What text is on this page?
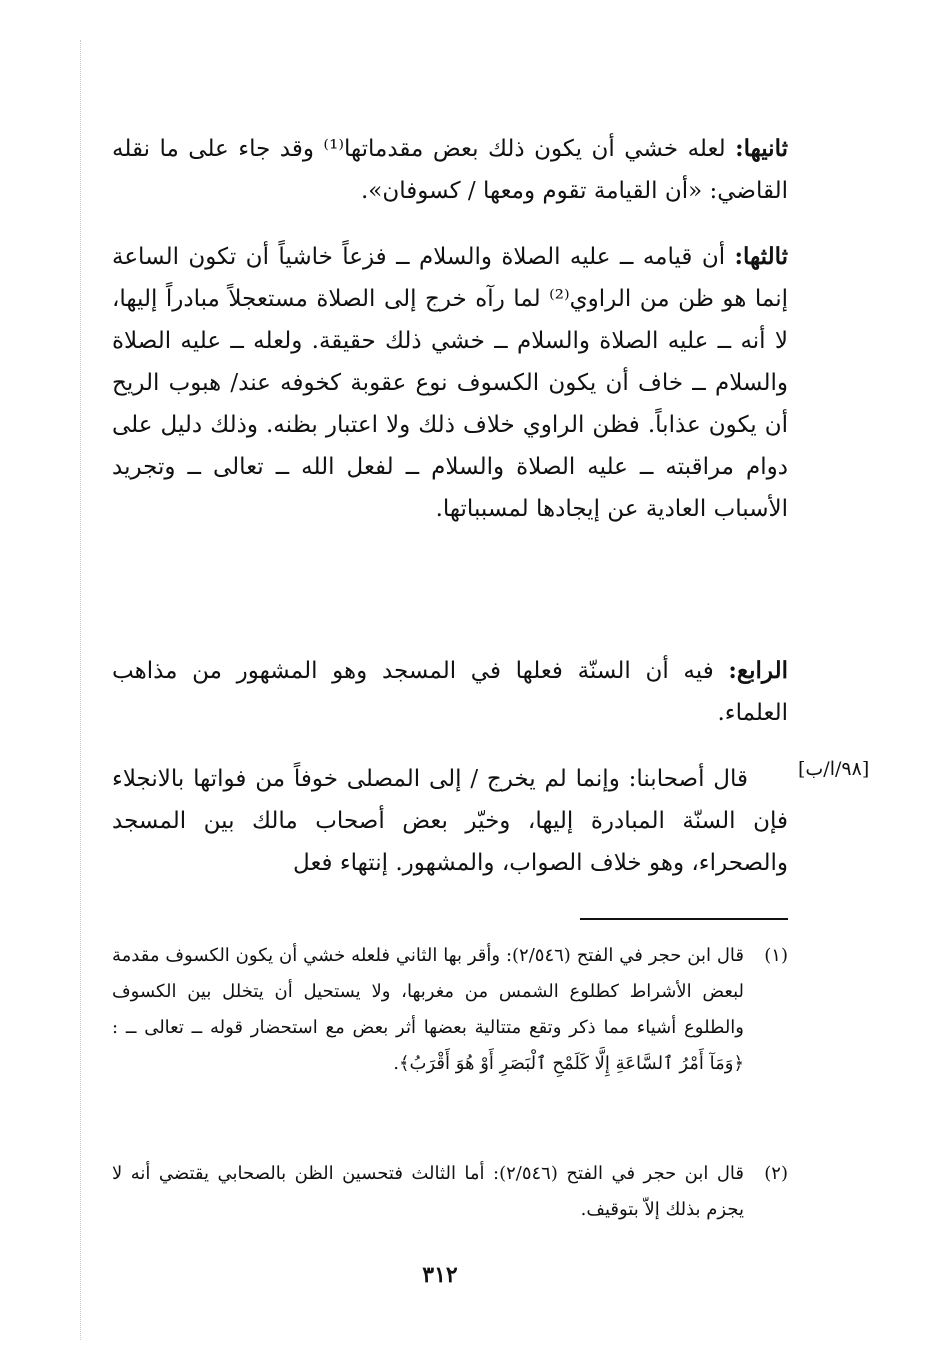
ثانيها: لعله خشي أن يكون ذلك بعض مقدماتها⁽¹⁾ وقد جاء على ما نقله القاضي: «أن القيامة تقوم ومعها / كسوفان».

ثالثها: أن قيامه ــ عليه الصلاة والسلام ــ فزعاً خاشياً أن تكون الساعة إنما هو ظن من الراوي⁽²⁾ لما رآه خرج إلى الصلاة مستعجلاً مبادراً إليها، لا أنه ــ عليه الصلاة والسلام ــ خشي ذلك حقيقة. ولعله ــ عليه الصلاة والسلام ــ خاف أن يكون الكسوف نوع عقوبة كخوفه عند/ هبوب الريح أن يكون عذاباً. فظن الراوي خلاف ذلك ولا اعتبار بظنه. وذلك دليل على دوام مراقبته ــ عليه الصلاة والسلام ــ لفعل الله ــ تعالى ــ وتجريد الأسباب العادية عن إيجادها لمسبباتها.

الرابع: فيه أن السنّة فعلها في المسجد وهو المشهور من مذاهب العلماء.

[٩٨/ا/ب]

قال أصحابنا: وإنما لم يخرج / إلى المصلى خوفاً من فواتها بالانجلاء فإن السنّة المبادرة إليها، وخيّر بعض أصحاب مالك بين المسجد والصحراء، وهو خلاف الصواب، والمشهور. إنتهاء فعل

(١)
قال ابن حجر في الفتح (٢/٥٤٦): وأقر بها الثاني فلعله خشي أن يكون الكسوف مقدمة لبعض الأشراط كطلوع الشمس من مغربها، ولا يستحيل أن يتخلل بين الكسوف والطلوع أشياء مما ذكر وتقع متتالية بعضها أثر بعض مع استحضار قوله ــ تعالى ــ : ﴿وَمَآ أَمْرُ ٱلسَّاعَةِ إِلَّا كَلَمْحِ ٱلْبَصَرِ أَوْ هُوَ أَقْرَبُ﴾.
(٢)
قال ابن حجر في الفتح (٢/٥٤٦): أما الثالث فتحسين الظن بالصحابي يقتضي أنه لا يجزم بذلك إلاّ بتوقيف.
٣١٢
